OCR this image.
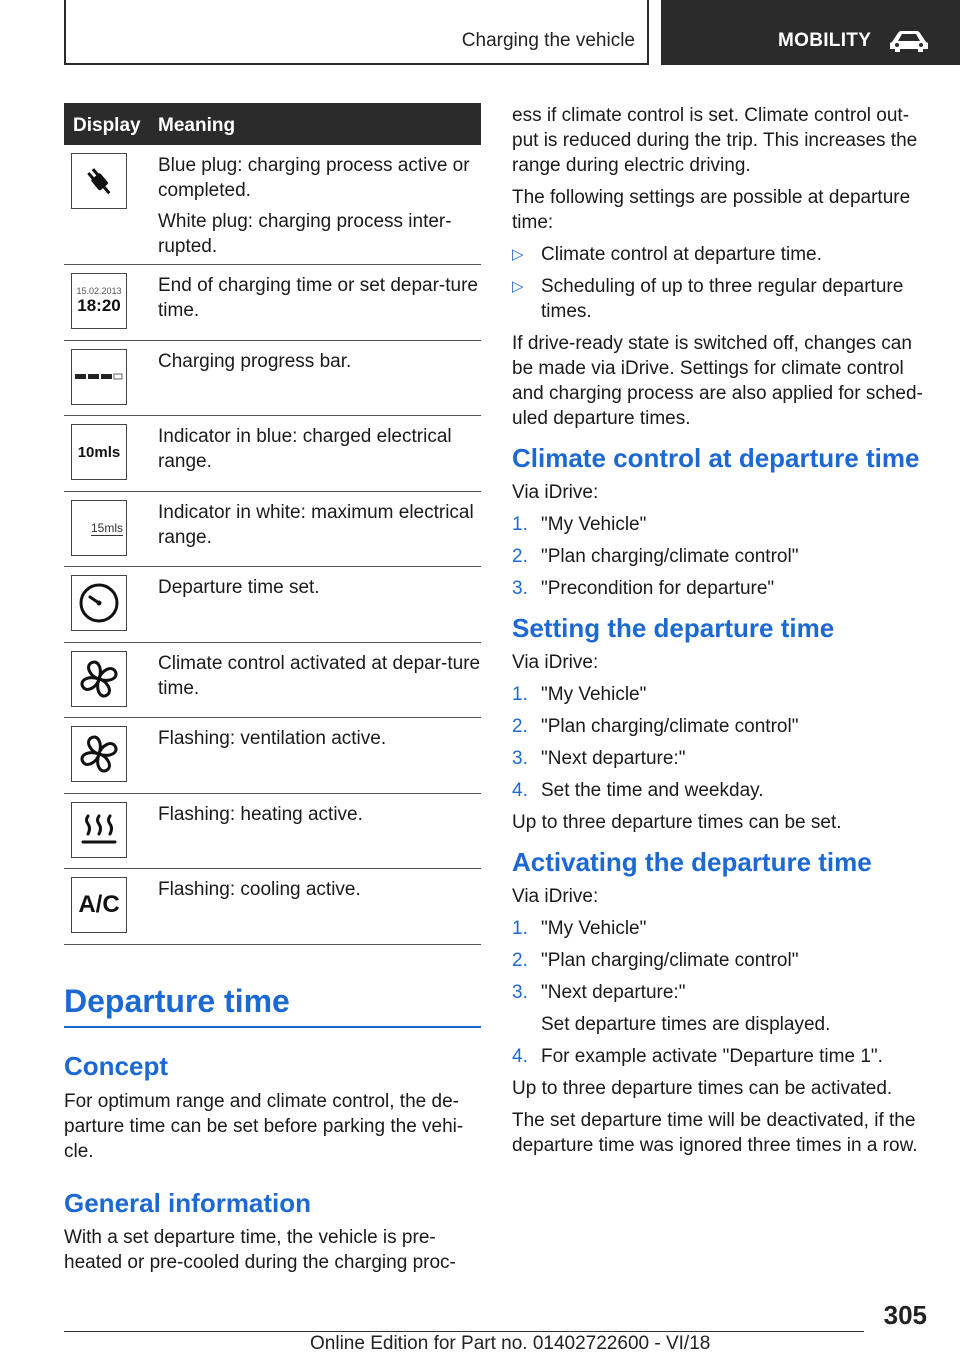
Charging the vehicle	MOBILITY
Display Meaning

Blue plug: charging process active or completed.

White plug: charging process inter-rupted.

15.02.2013
18:20

End of charging time or set depar-ture time.

Charging progress bar.

10mls

Indicator in blue: charged electrical range.

15mls

Indicator in white: maximum electrical range.

Departure time set.

Climate control activated at depar-ture time.

Flashing: ventilation active.

Flashing: heating active.

A/C

Flashing: cooling active.

Departure time
Concept
For optimum range and climate control, the de-parture time can be set before parking the vehi-cle.
General information
With a set departure time, the vehicle is pre-heated or pre-cooled during the charging proc-

ess if climate control is set. Climate control out-put is reduced during the trip. This increases the range during electric driving.

The following settings are possible at departure time:

▷ Climate control at departure time.
▷ Scheduling of up to three regular departure times.

If drive-ready state is switched off, changes can be made via iDrive. Settings for climate control and charging process are also applied for sched-uled departure times.

Climate control at departure time

Via iDrive:

1. "My Vehicle"
2. "Plan charging/climate control"
3. "Precondition for departure"
Setting the departure time

Via iDrive:

1. "My Vehicle"
2. "Plan charging/climate control"
3. "Next departure:"
4. Set the time and weekday.

Up to three departure times can be set.

Activating the departure time

Via iDrive:

1. "My Vehicle"
2. "Plan charging/climate control"
3. "Next departure:"
Set departure times are displayed.
4. For example activate "Departure time 1".

Up to three departure times can be activated.

The set departure time will be deactivated, if the departure time was ignored three times in a row.

305
Online Edition for Part no. 01402722600 - VI/18
